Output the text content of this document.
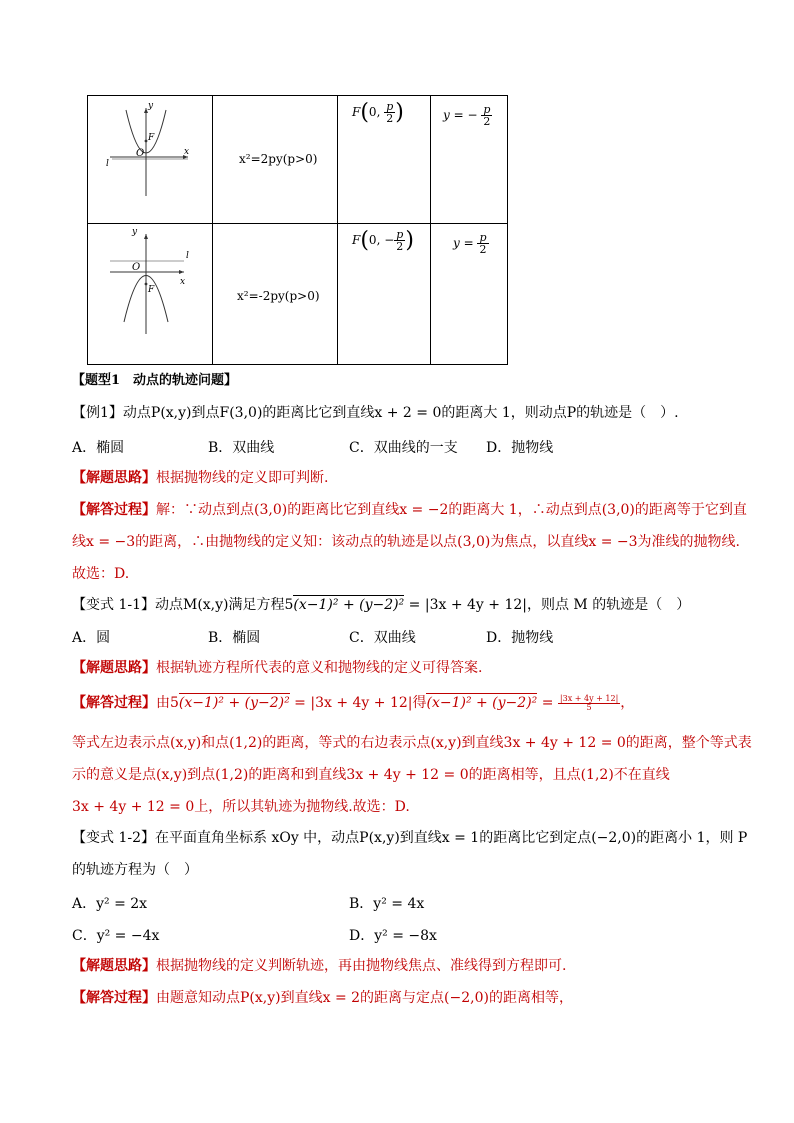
y
x
O
F
l	x²=2py(p>0)	F(0, $\frac{p}{2}$ )	y = − $\frac{p}{2}$

y
x
O
F
l	x²=-2py(p>0)	F(0, − $\frac{p}{2}$ )	$y = \frac{p}{2}$
【题型1　动点的轨迹问题】
【例1】动点P(x,y)到点F(3,0)的距离比它到直线x + 2 = 0的距离大 1，则动点P的轨迹是（　）.
A．椭圆	B．双曲线	C．双曲线的一支 D．抛物线
【解题思路】根据抛物线的定义即可判断.
【解答过程】解：∵动点到点(3,0)的距离比它到直线x = −2的距离大 1，∴动点到点(3,0)的距离等于它到直
线x = −3的距离，∴由抛物线的定义知：该动点的轨迹是以点(3,0)为焦点，以直线x = −3为准线的抛物线.
故选：D.
【变式 1-1】动点M(x,y)满足方程5(x−1)² + (y−2)² = |3x + 4y + 12|，则点 M 的轨迹是（　）
A．圆	B．椭圆	C．双曲线	D．抛物线
【解题思路】根据轨迹方程所代表的意义和抛物线的定义可得答案.
【解答过程】由5(x−1)² + (y−2)² = |3x + 4y + 12|得$(x-1)^2 + (y-2)^2 = \frac{|3x + 4y + 12|}{5}$ ，
等式左边表示点(x,y)和点(1,2)的距离，等式的右边表示点(x,y)到直线3x + 4y + 12 = 0的距离，整个等式表
示的意义是点(x,y)到点(1,2)的距离和到直线3x + 4y + 12 = 0的距离相等，且点(1,2)不在直线
3x + 4y + 12 = 0上，所以其轨迹为抛物线.故选：D.
【变式 1-2】在平面直角坐标系 xOy 中，动点P(x,y)到直线x = 1的距离比它到定点(−2,0)的距离小 1，则 P
的轨迹方程为（　）
A．y² = 2x	B．y² = 4x
C．y² = −4x	D．y² = −8x
【解题思路】根据抛物线的定义判断轨迹，再由抛物线焦点、准线得到方程即可.
【解答过程】由题意知动点P(x,y)到直线x = 2的距离与定点(−2,0)的距离相等，
